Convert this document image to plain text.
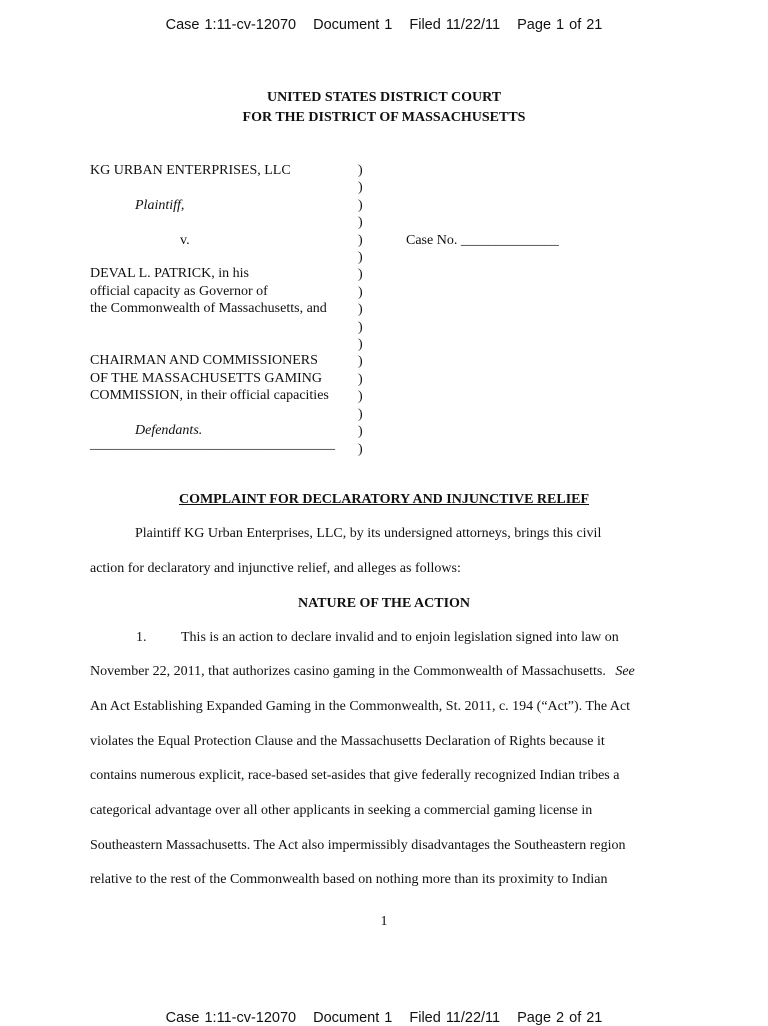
Case 1:11-cv-12070 Document 1 Filed 11/22/11 Page 1 of 21
UNITED STATES DISTRICT COURT
FOR THE DISTRICT OF MASSACHUSETTS
KG URBAN ENTERPRISES, LLC
Plaintiff,
v.
DEVAL L. PATRICK, in his
official capacity as Governor of
the Commonwealth of Massachusetts, and
CHAIRMAN AND COMMISSIONERS
OF THE MASSACHUSETTS GAMING
COMMISSION, in their official capacities
Defendants.
___________________________________
)
)
)
)
)
)
)
)
)
)
)
)
)
)
)
)
)
Case No. ______________
COMPLAINT FOR DECLARATORY AND INJUNCTIVE RELIEF
Plaintiff KG Urban Enterprises, LLC, by its undersigned attorneys, brings this civil
action for declaratory and injunctive relief, and alleges as follows:
NATURE OF THE ACTION
1. This is an action to declare invalid and to enjoin legislation signed into law on
November 22, 2011, that authorizes casino gaming in the Commonwealth of Massachusetts. See
An Act Establishing Expanded Gaming in the Commonwealth, St. 2011, c. 194 (“Act”). The Act
violates the Equal Protection Clause and the Massachusetts Declaration of Rights because it
contains numerous explicit, race-based set-asides that give federally recognized Indian tribes a
categorical advantage over all other applicants in seeking a commercial gaming license in
Southeastern Massachusetts. The Act also impermissibly disadvantages the Southeastern region
relative to the rest of the Commonwealth based on nothing more than its proximity to Indian
1
Case 1:11-cv-12070 Document 1 Filed 11/22/11 Page 2 of 21
